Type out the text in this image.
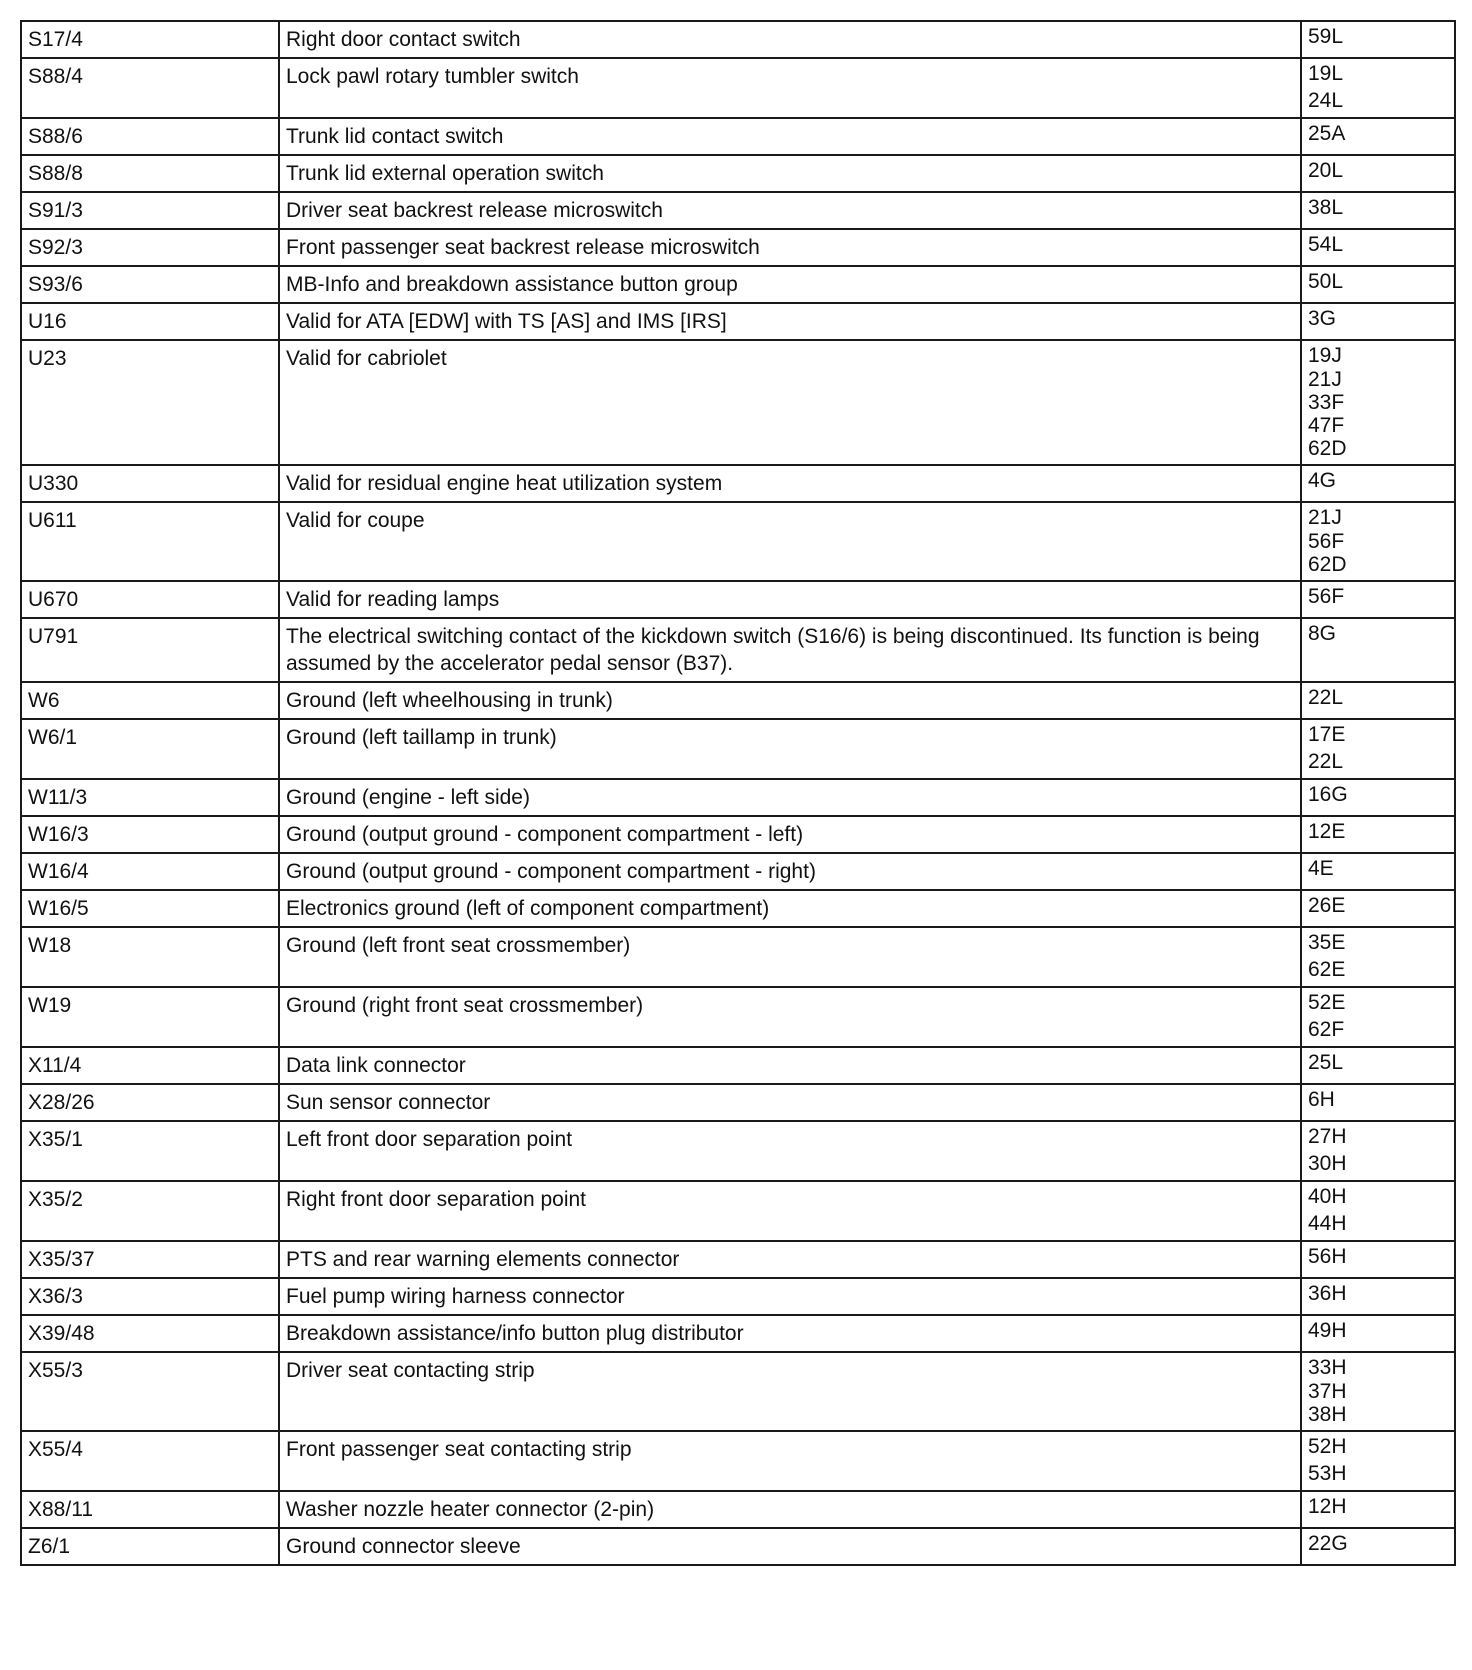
S17/4	Right door contact switch	59L

S88/4	Lock pawl rotary tumbler switch	19L
24L

S88/6	Trunk lid contact switch	25A

S88/8	Trunk lid external operation switch	20L

S91/3	Driver seat backrest release microswitch	38L

S92/3	Front passenger seat backrest release microswitch	54L

S93/6	MB-Info and breakdown assistance button group	50L

U16	Valid for ATA [EDW] with TS [AS] and IMS [IRS]	3G

U23	Valid for cabriolet	19J
21J
33F
47F
62D

U330	Valid for residual engine heat utilization system	4G

U611	Valid for coupe	21J
56F
62D

U670	Valid for reading lamps	56F

U791	The electrical switching contact of the kickdown switch (S16/6) is being discontinued. Its function is being assumed by the accelerator pedal sensor (B37).	8G

W6	Ground (left wheelhousing in trunk)	22L

W6/1	Ground (left taillamp in trunk)	17E
22L

W11/3	Ground (engine - left side)	16G

W16/3	Ground (output ground - component compartment - left)	12E

W16/4	Ground (output ground - component compartment - right)	4E

W16/5	Electronics ground (left of component compartment)	26E

W18	Ground (left front seat crossmember)	35E
62E

W19	Ground (right front seat crossmember)	52E
62F

X11/4	Data link connector	25L

X28/26	Sun sensor connector	6H

X35/1	Left front door separation point	27H
30H

X35/2	Right front door separation point	40H
44H

X35/37	PTS and rear warning elements connector	56H

X36/3	Fuel pump wiring harness connector	36H

X39/48	Breakdown assistance/info button plug distributor	49H

X55/3	Driver seat contacting strip	33H
37H
38H

X55/4	Front passenger seat contacting strip	52H
53H

X88/11	Washer nozzle heater connector (2-pin)	12H

Z6/1	Ground connector sleeve	22G
